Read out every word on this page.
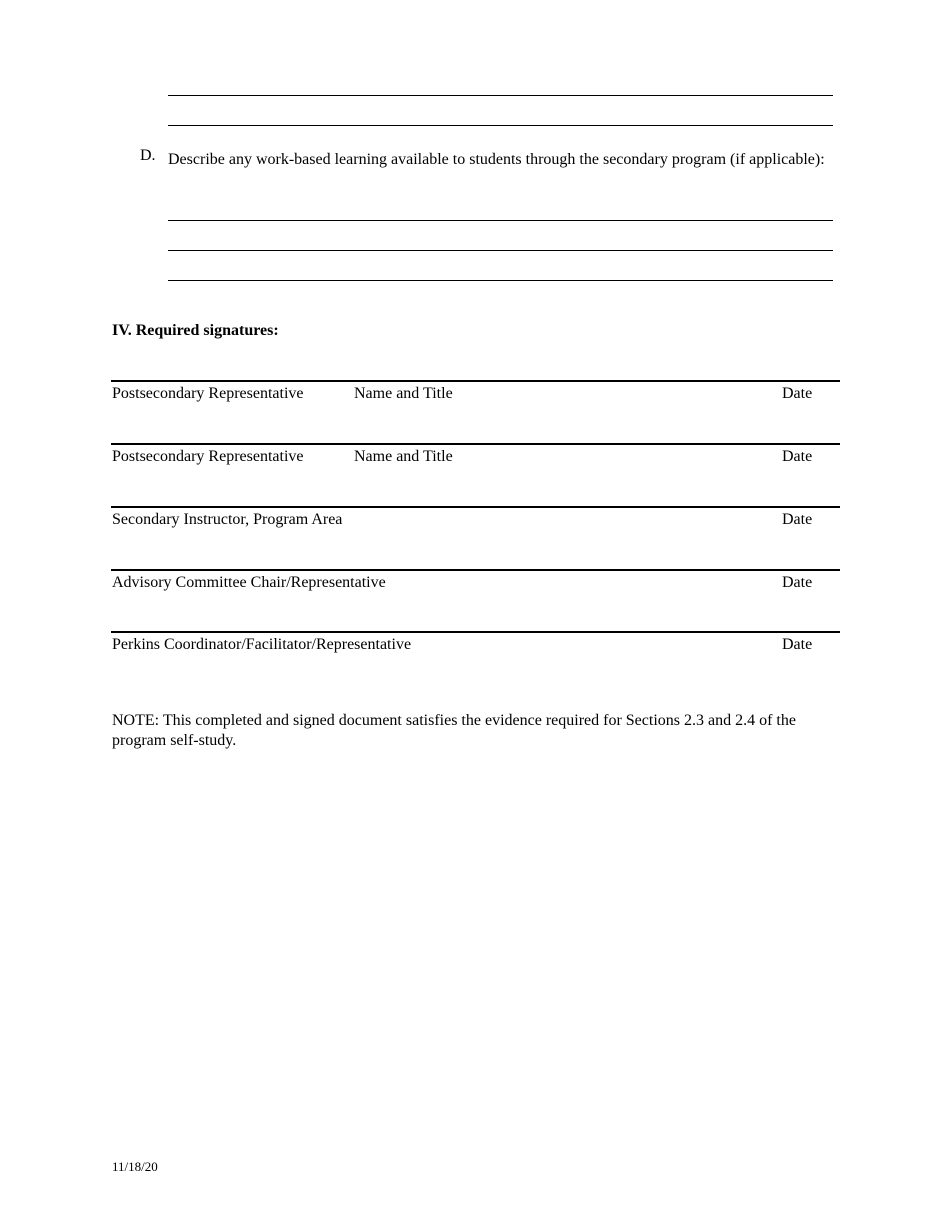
D. Describe any work-based learning available to students through the secondary program (if applicable):
IV. Required signatures:
Postsecondary Representative	Name and Title	Date
Postsecondary Representative	Name and Title	Date
Secondary Instructor, Program Area	Date
Advisory Committee Chair/Representative	Date
Perkins Coordinator/Facilitator/Representative	Date
NOTE: This completed and signed document satisfies the evidence required for Sections 2.3 and 2.4 of the program self-study.
11/18/20
